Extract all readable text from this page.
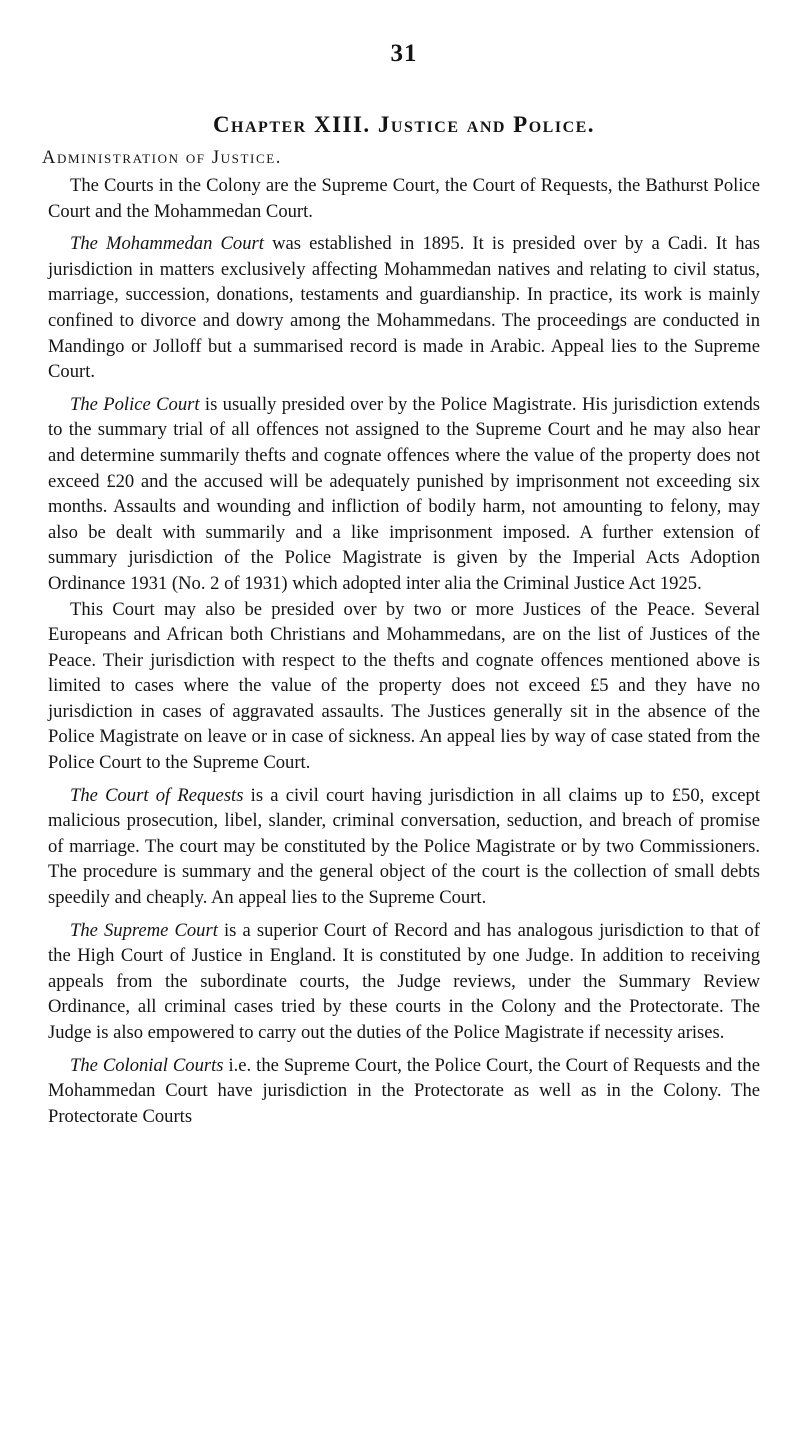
31
Chapter XIII. Justice and Police.
Administration of Justice.

The Courts in the Colony are the Supreme Court, the Court of Requests, the Bathurst Police Court and the Mohammedan Court.

The Mohammedan Court was established in 1895. It is presided over by a Cadi. It has jurisdiction in matters exclusively affecting Mohammedan natives and relating to civil status, marriage, succession, donations, testaments and guardianship. In practice, its work is mainly confined to divorce and dowry among the Mohammedans. The proceedings are conducted in Mandingo or Jolloff but a summarised record is made in Arabic. Appeal lies to the Supreme Court.

The Police Court is usually presided over by the Police Magistrate. His jurisdiction extends to the summary trial of all offences not assigned to the Supreme Court and he may also hear and determine summarily thefts and cognate offences where the value of the property does not exceed £20 and the accused will be adequately punished by imprisonment not exceeding six months. Assaults and wounding and infliction of bodily harm, not amounting to felony, may also be dealt with summarily and a like imprisonment imposed. A further extension of summary jurisdiction of the Police Magistrate is given by the Imperial Acts Adoption Ordinance 1931 (No. 2 of 1931) which adopted inter alia the Criminal Justice Act 1925.

This Court may also be presided over by two or more Justices of the Peace. Several Europeans and African both Christians and Mohammedans, are on the list of Justices of the Peace. Their jurisdiction with respect to the thefts and cognate offences mentioned above is limited to cases where the value of the property does not exceed £5 and they have no jurisdiction in cases of aggravated assaults. The Justices generally sit in the absence of the Police Magistrate on leave or in case of sickness. An appeal lies by way of case stated from the Police Court to the Supreme Court.

The Court of Requests is a civil court having jurisdiction in all claims up to £50, except malicious prosecution, libel, slander, criminal conversation, seduction, and breach of promise of marriage. The court may be constituted by the Police Magistrate or by two Commissioners. The procedure is summary and the general object of the court is the collection of small debts speedily and cheaply. An appeal lies to the Supreme Court.

The Supreme Court is a superior Court of Record and has analogous jurisdiction to that of the High Court of Justice in England. It is constituted by one Judge. In addition to receiving appeals from the subordinate courts, the Judge reviews, under the Summary Review Ordinance, all criminal cases tried by these courts in the Colony and the Protectorate. The Judge is also empowered to carry out the duties of the Police Magistrate if necessity arises.

The Colonial Courts i.e. the Supreme Court, the Police Court, the Court of Requests and the Mohammedan Court have jurisdiction in the Protectorate as well as in the Colony. The Protectorate Courts
